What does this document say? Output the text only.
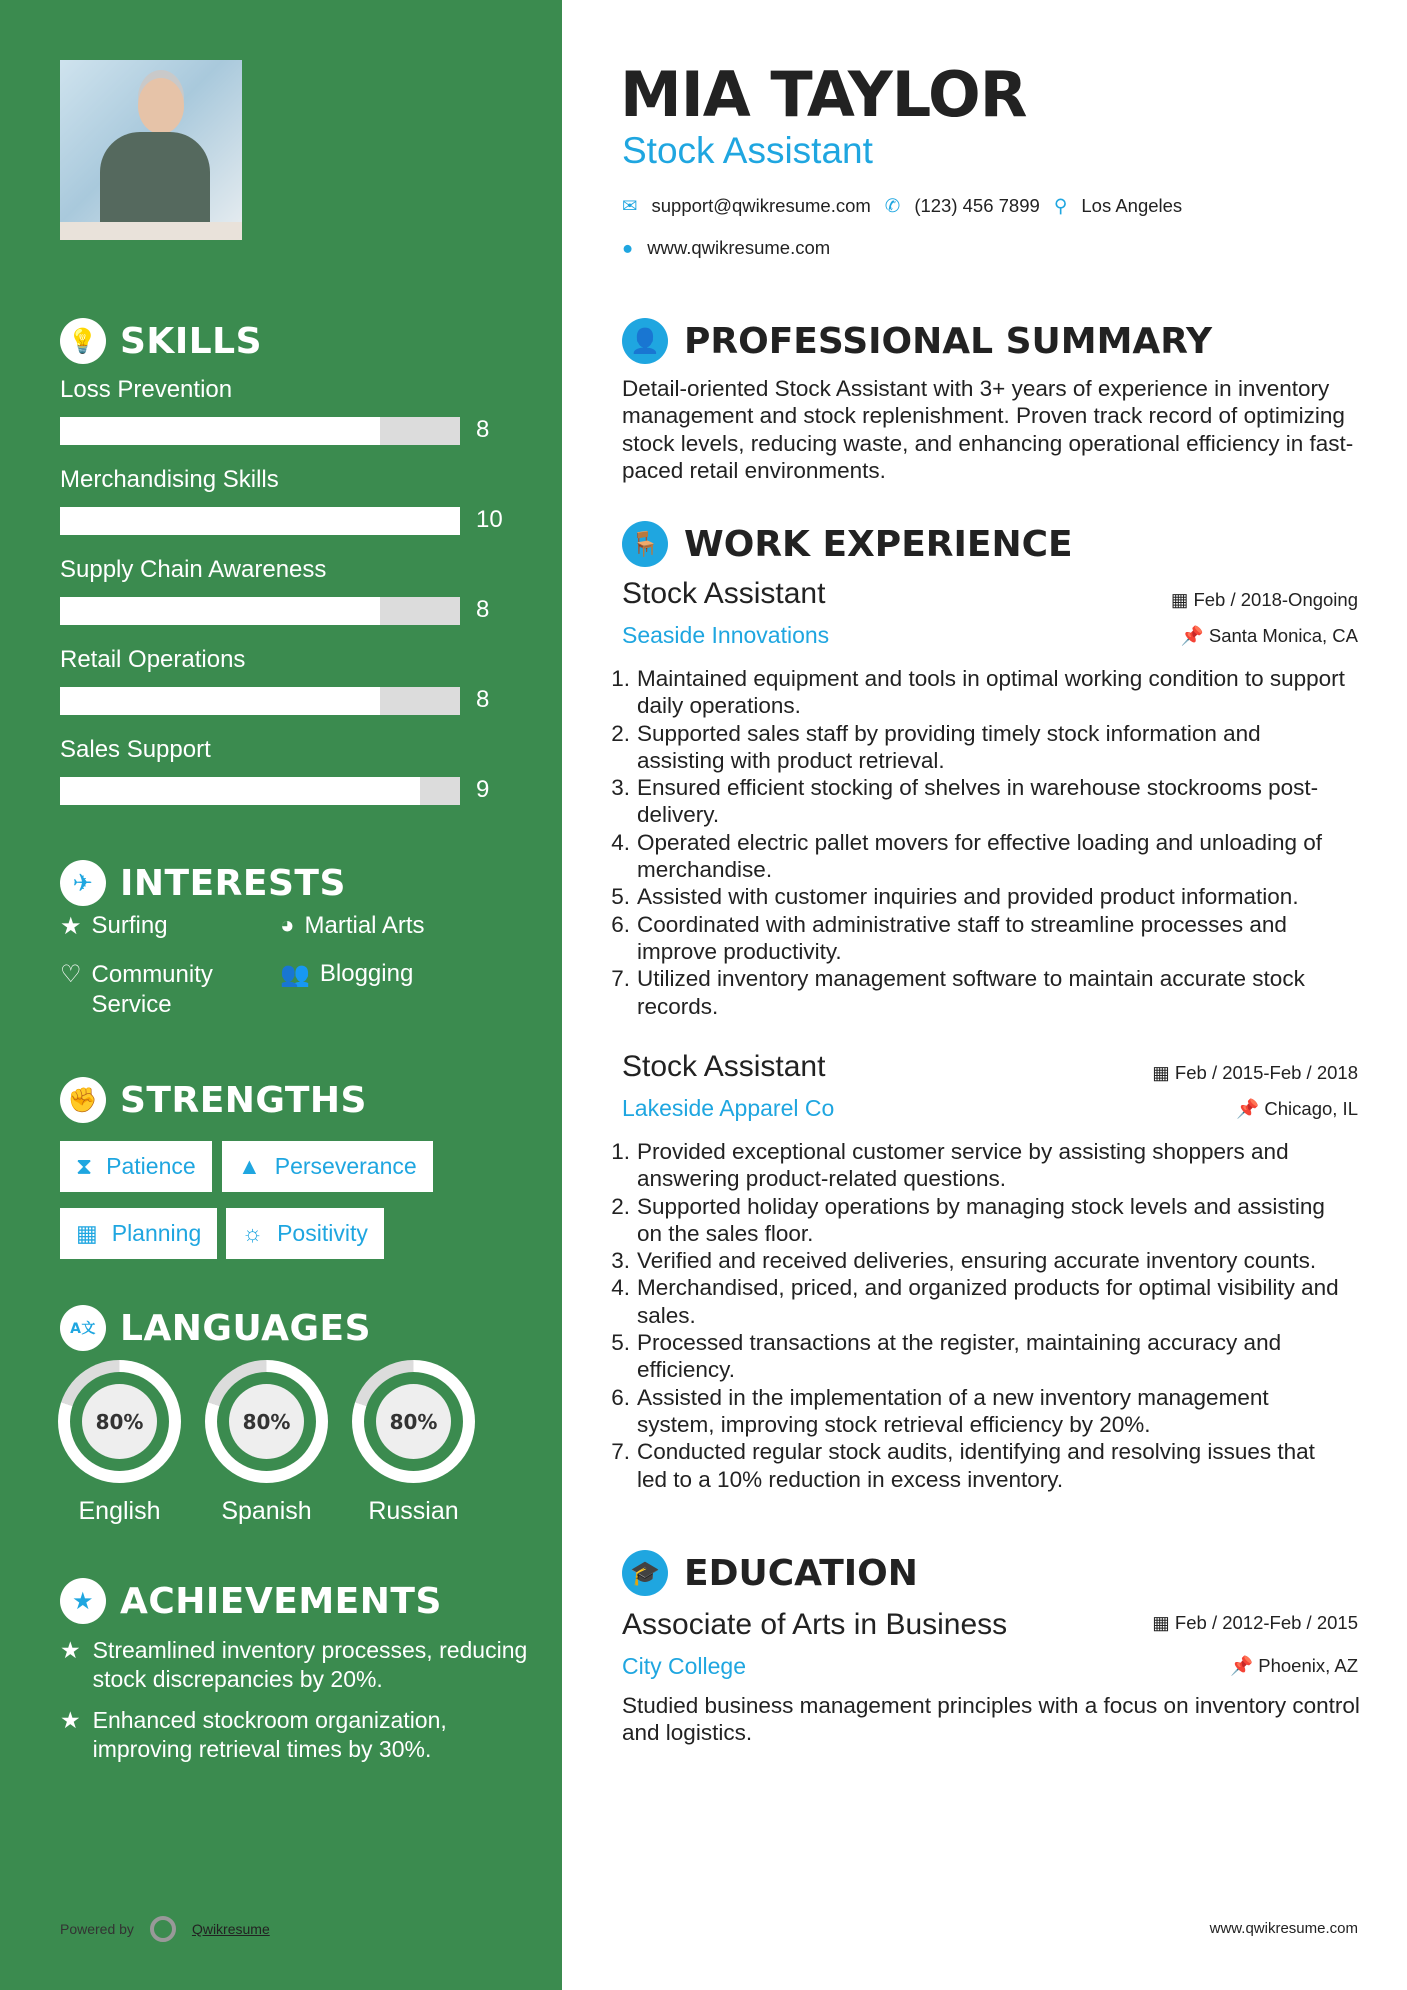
💡 SKILLS
Loss Prevention
8
Merchandising Skills
10
Supply Chain Awareness
8
Retail Operations
8
Sales Support
9
✈ INTERESTS
★ Surfing	◕ Martial Arts
♡ Community Service
👥 Blogging
✊ STRENGTHS
⧗ Patience ▲ Perseverance
▦ Planning ☼ Positivity
A文 LANGUAGES
80%
English
80%
Spanish
80%
Russian
★ ACHIEVEMENTS
★ Streamlined inventory processes, reducing stock discrepancies by 20%.
★ Enhanced stockroom organization, improving retrieval times by 30%.
Powered by	Qwikresume
MIA TAYLOR
Stock Assistant
✉ support@qwikresume.com ✆ (123) 456 7899 ⚲ Los Angeles
● www.qwikresume.com
👤 PROFESSIONAL SUMMARY
Detail-oriented Stock Assistant with 3+ years of experience in inventory management and stock replenishment. Proven track record of optimizing stock levels, reducing waste, and enhancing operational efficiency in fast-paced retail environments.
🪑 WORK EXPERIENCE
Stock Assistant	▦ Feb / 2018-Ongoing
Seaside Innovations	📌 Santa Monica, CA
1. Maintained equipment and tools in optimal working condition to support daily operations.
2. Supported sales staff by providing timely stock information and assisting with product retrieval.
3. Ensured efficient stocking of shelves in warehouse stockrooms post-delivery.
4. Operated electric pallet movers for effective loading and unloading of merchandise.
5. Assisted with customer inquiries and provided product information.
6. Coordinated with administrative staff to streamline processes and improve productivity.
7. Utilized inventory management software to maintain accurate stock records.
Stock Assistant	▦ Feb / 2015-Feb / 2018
Lakeside Apparel Co	📌 Chicago, IL
1. Provided exceptional customer service by assisting shoppers and answering product-related questions.
2. Supported holiday operations by managing stock levels and assisting on the sales floor.
3. Verified and received deliveries, ensuring accurate inventory counts.
4. Merchandised, priced, and organized products for optimal visibility and sales.
5. Processed transactions at the register, maintaining accuracy and efficiency.
6. Assisted in the implementation of a new inventory management system, improving stock retrieval efficiency by 20%.
7. Conducted regular stock audits, identifying and resolving issues that led to a 10% reduction in excess inventory.
🎓 EDUCATION
Associate of Arts in Business	▦ Feb / 2012-Feb / 2015
City College	📌 Phoenix, AZ
Studied business management principles with a focus on inventory control and logistics.
www.qwikresume.com
